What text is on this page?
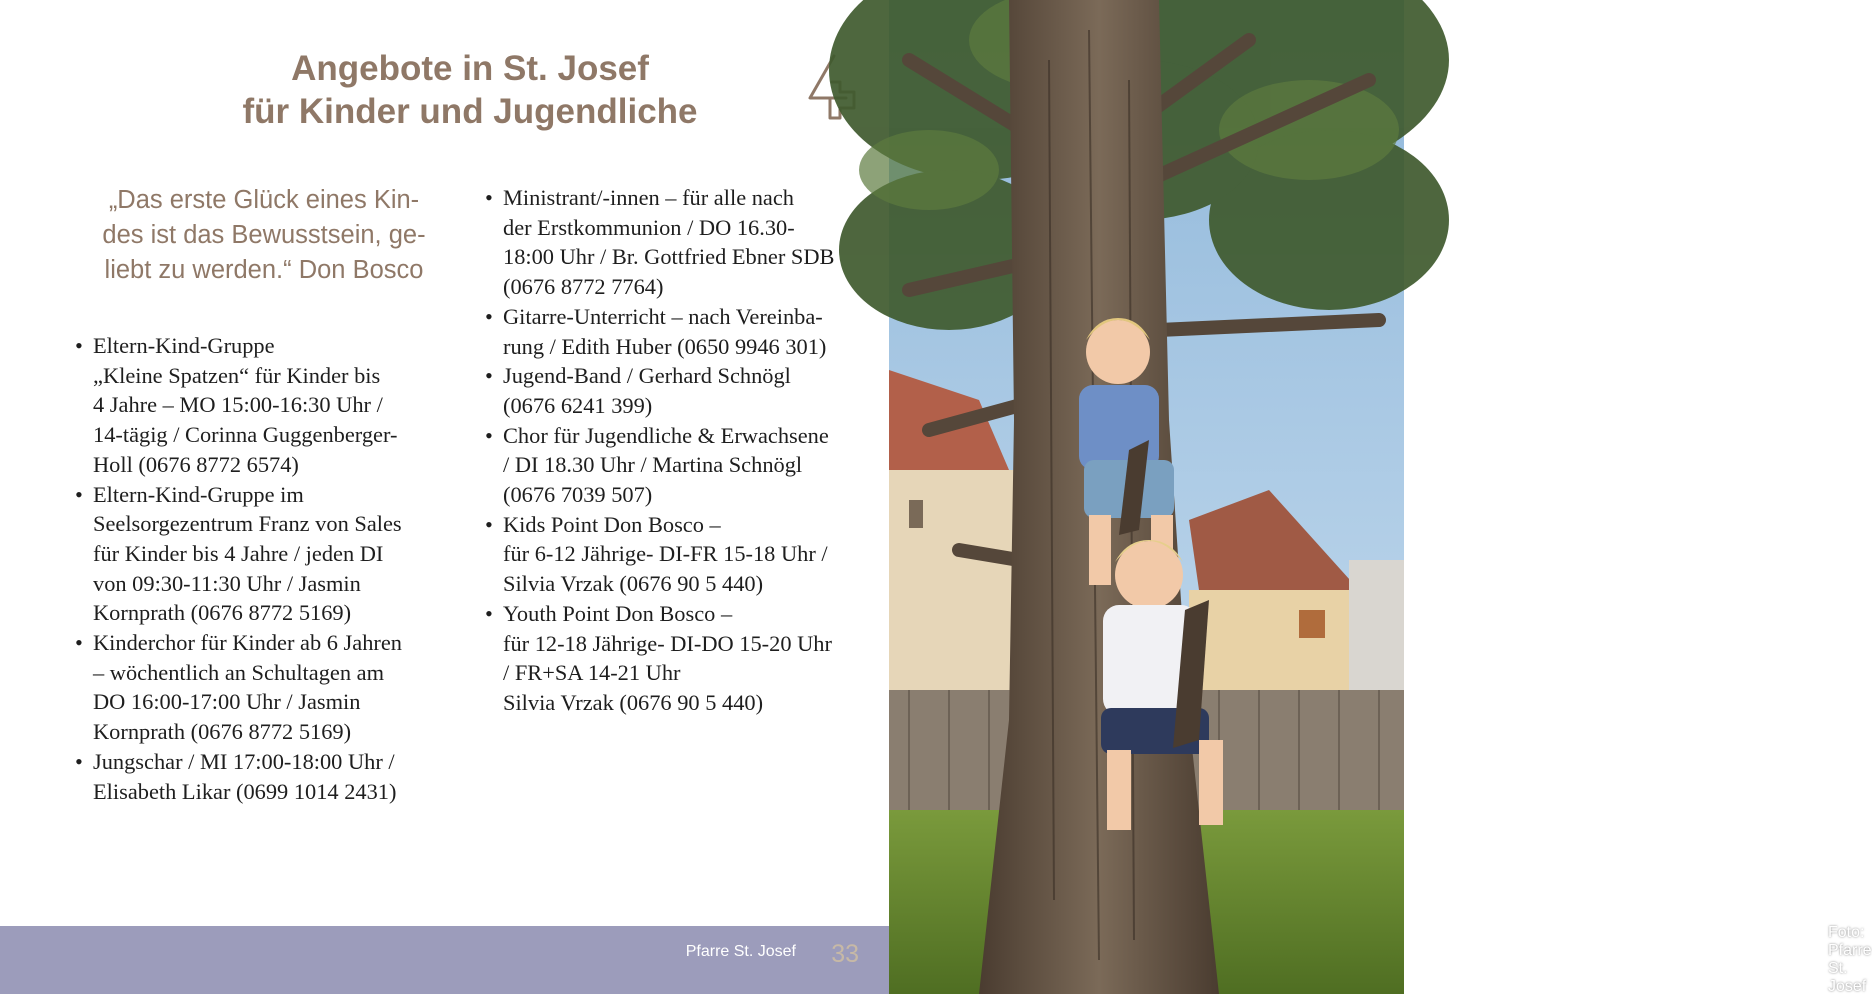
Angebote in St. Josef
für Kinder und Jugendliche

„Das erste Glück eines Kin-
des ist das Bewusstsein, ge-
liebt zu werden.“ Don Bosco

• Eltern-Kind-Gruppe
„Kleine Spatzen“ für Kinder bis
4 Jahre – MO 15:00-16:30 Uhr /
14-tägig / Corinna Guggenberger-
Holl (0676 8772 6574)
• Eltern-Kind-Gruppe im
Seelsorgezentrum Franz von Sales
für Kinder bis 4 Jahre / jeden DI
von 09:30-11:30 Uhr / Jasmin
Kornprath (0676 8772 5169)
• Kinderchor für Kinder ab 6 Jahren
– wöchentlich an Schultagen am
DO 16:00-17:00 Uhr / Jasmin
Kornprath (0676 8772 5169)
• Jungschar / MI 17:00-18:00 Uhr /
Elisabeth Likar (0699 1014 2431)
• Ministrant/-innen – für alle nach
der Erstkommunion / DO 16.30-
18:00 Uhr / Br. Gottfried Ebner SDB
(0676 8772 7764)
• Gitarre-Unterricht – nach Vereinba-
rung / Edith Huber (0650 9946 301)
• Jugend-Band / Gerhard Schnögl
(0676 6241 399)
• Chor für Jugendliche & Erwachsene
/ DI 18.30 Uhr / Martina Schnögl
(0676 7039 507)
• Kids Point Don Bosco –
für 6-12 Jährige- DI-FR 15-18 Uhr /
Silvia Vrzak (0676 90 5 440)
• Youth Point Don Bosco –
für 12-18 Jährige- DI-DO 15-20 Uhr
/ FR+SA 14-21 Uhr
Silvia Vrzak (0676 90 5 440)
Pfarre St. Josef 33
Foto: Pfarre St. Josef
